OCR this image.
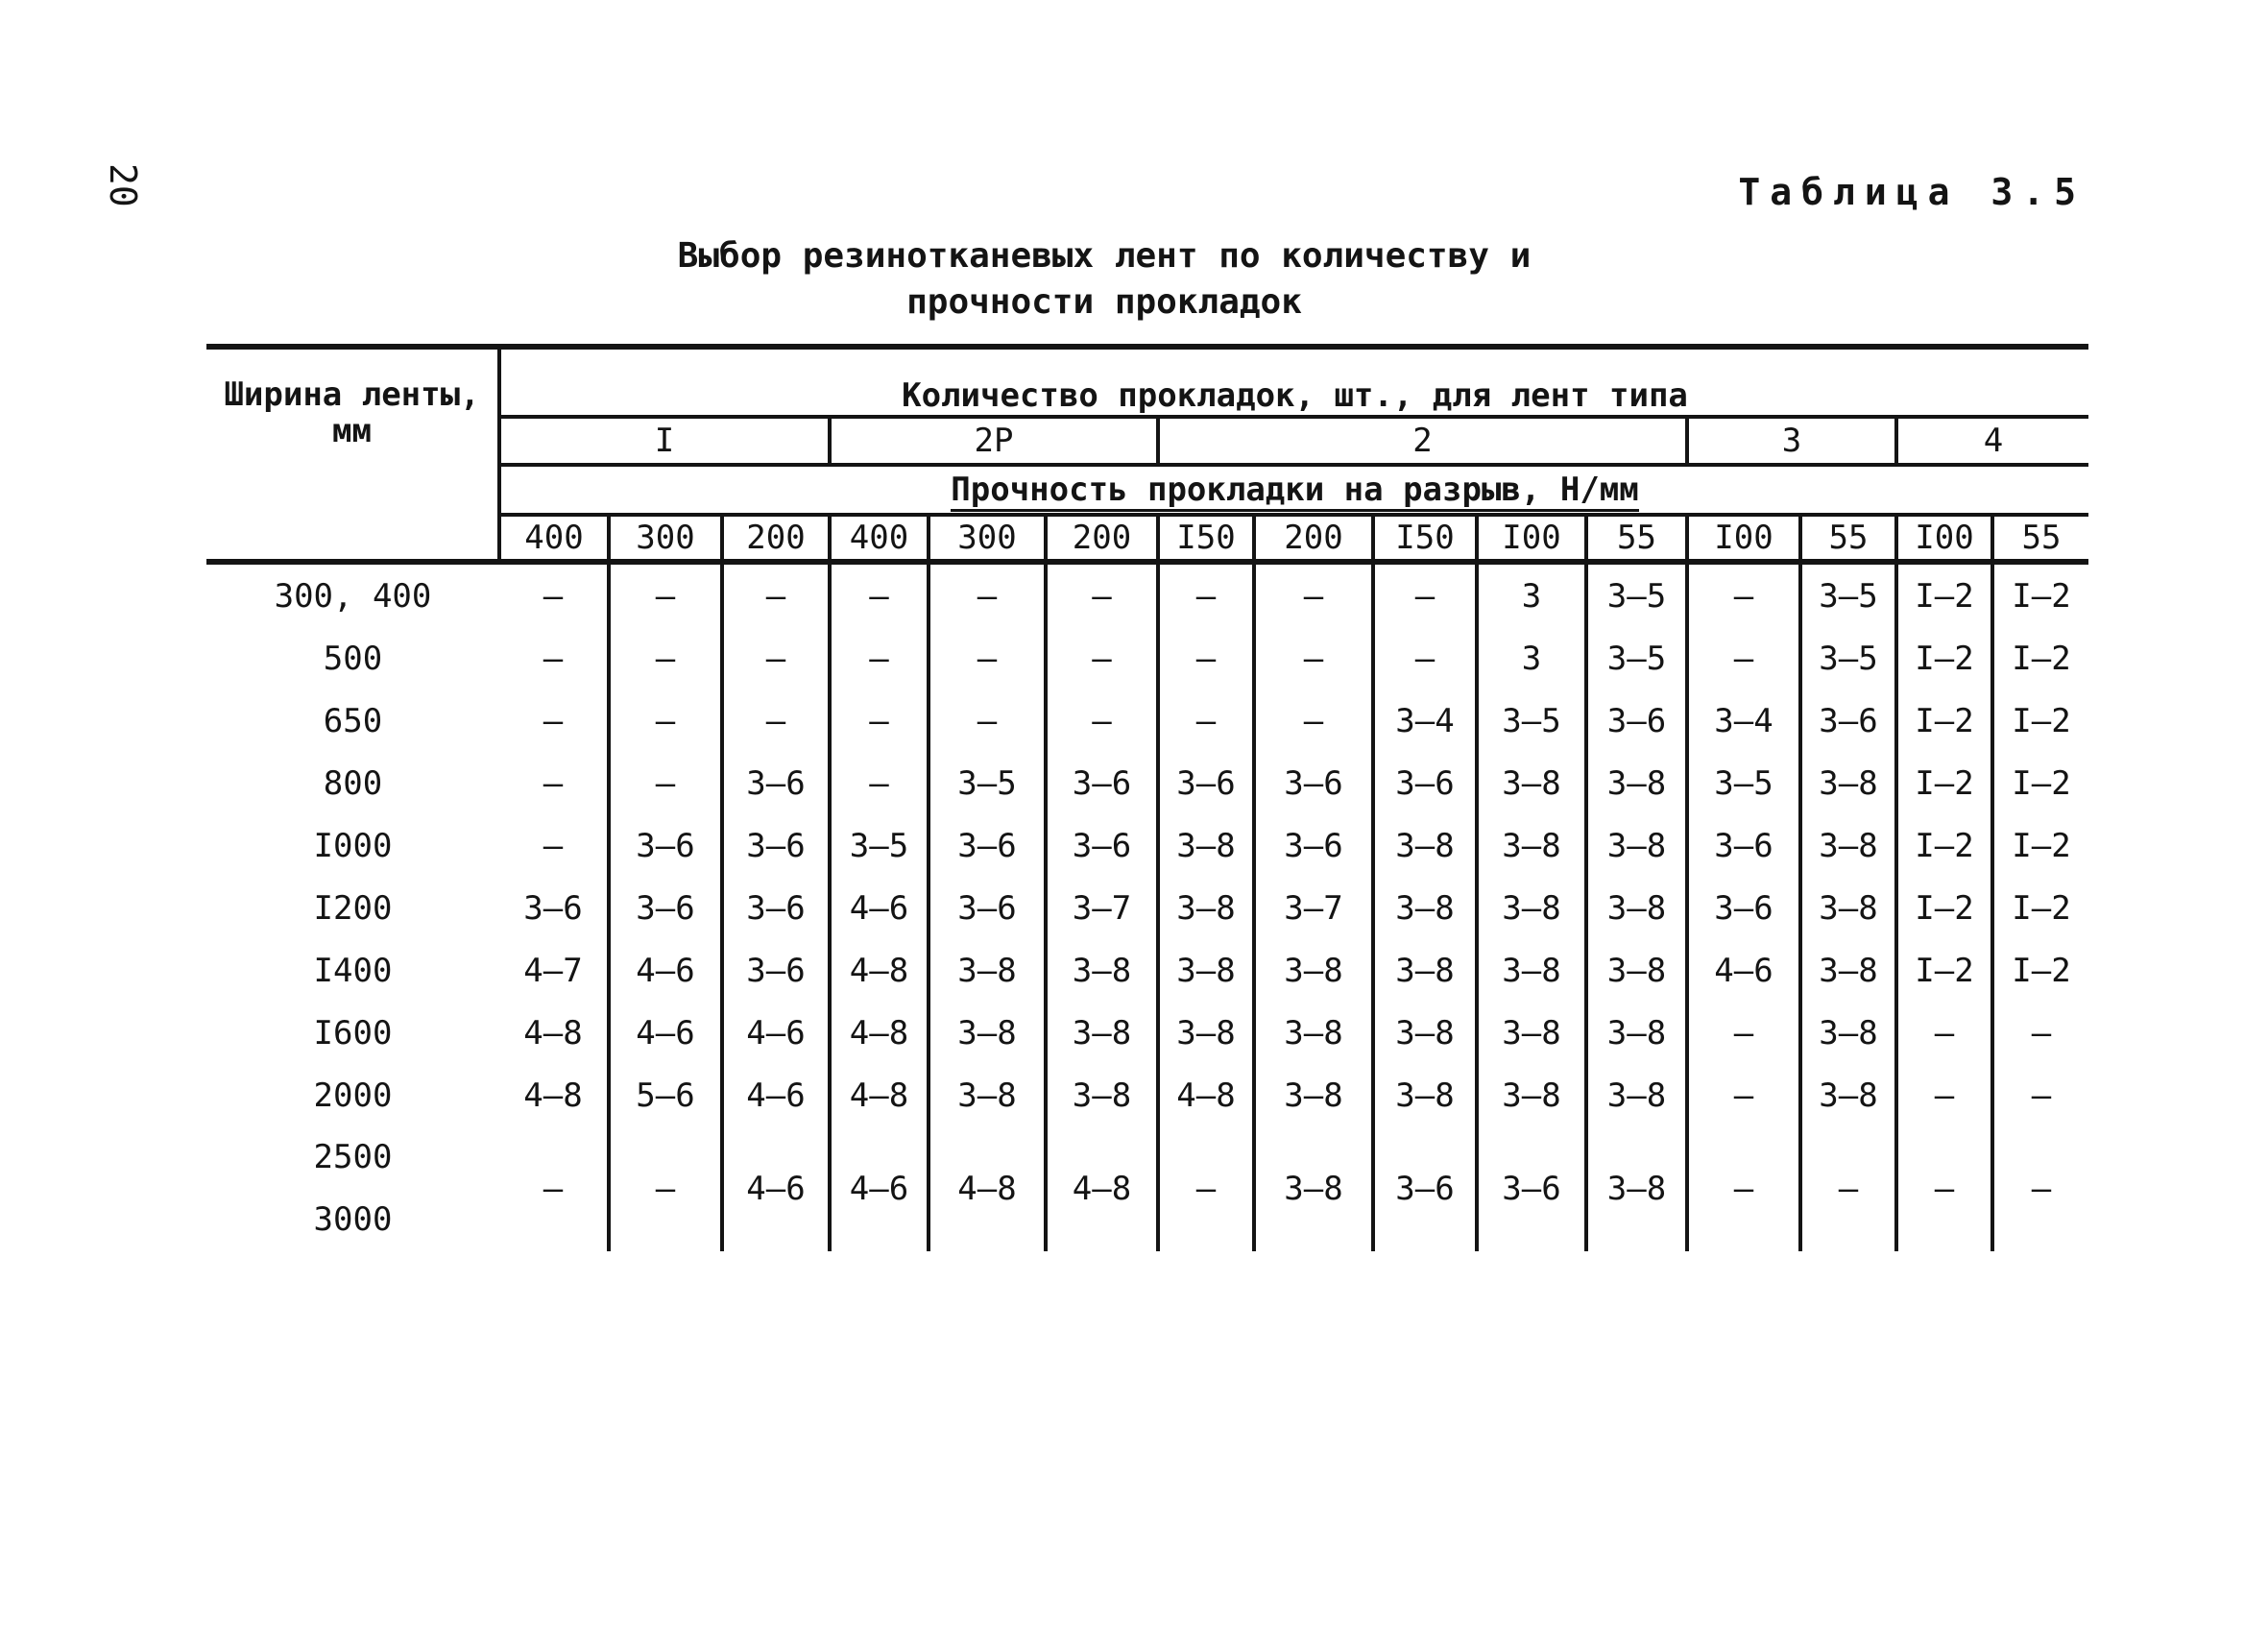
20	Таблица 3.5
Выбор резинотканевых лент по количеству и
прочности прокладок
Ширина ленты,
мм	Количество прокладок, шт., для лент типа														
	I			2Р			2					3		4	
	Прочность прокладки на разрыв, Н/мм														
	400	300	200	400	300	200	I50	200	I50	I00	55	I00	55	I00	55
300, 400	–	–	–	–	–	–	–	–	–	3	3–5	–	3–5	I–2	I–2
500	–	–	–	–	–	–	–	–	–	3	3–5	–	3–5	I–2	I–2
650	–	–	–	–	–	–	–	–	3–4	3–5	3–6	3–4	3–6	I–2	I–2
800	–	–	3–6	–	3–5	3–6	3–6	3–6	3–6	3–8	3–8	3–5	3–8	I–2	I–2
I000	–	3–6	3–6	3–5	3–6	3–6	3–8	3–6	3–8	3–8	3–8	3–6	3–8	I–2	I–2
I200	3–6	3–6	3–6	4–6	3–6	3–7	3–8	3–7	3–8	3–8	3–8	3–6	3–8	I–2	I–2
I400	4–7	4–6	3–6	4–8	3–8	3–8	3–8	3–8	3–8	3–8	3–8	4–6	3–8	I–2	I–2
I600	4–8	4–6	4–6	4–8	3–8	3–8	3–8	3–8	3–8	3–8	3–8	–	3–8	–	–
2000	4–8	5–6	4–6	4–8	3–8	3–8	4–8	3–8	3–8	3–8	3–8	–	3–8	–	–

2500
3000	–	–	4–6	4–6	4–8	4–8	–	3–8	3–6	3–6	3–8	–	–	–	–
